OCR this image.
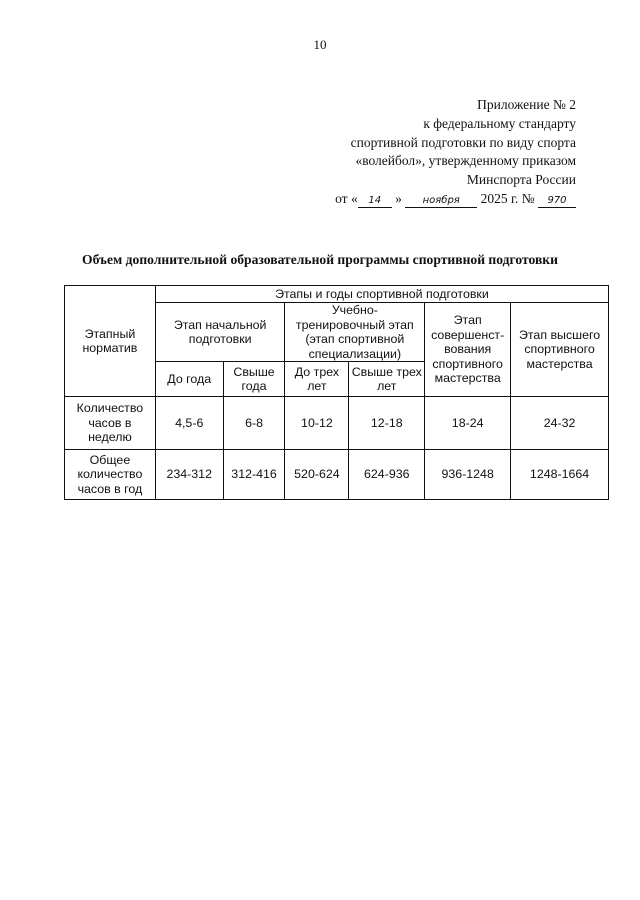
10
Приложение № 2
к федеральному стандарту
спортивной подготовки по виду спорта
«волейбол», утвержденному приказом
Минспорта России
от « 14 » ноября 2025 г. № 970
Объем дополнительной образовательной программы спортивной подготовки
Этапный норматив	Этапы и годы спортивной подготовки					
	Этап начальной подготовки		Учебно-тренировочный этап (этап спортивной специализации)		Этап совершенст-вования спортивного мастерства	Этап высшего спортивного мастерства
	До года	Свыше года	До трех лет	Свыше трех лет		
Количество часов в неделю	4,5-6	6-8	10-12	12-18	18-24	24-32
Общее количество часов в год	234-312	312-416	520-624	624-936	936-1248	1248-1664
